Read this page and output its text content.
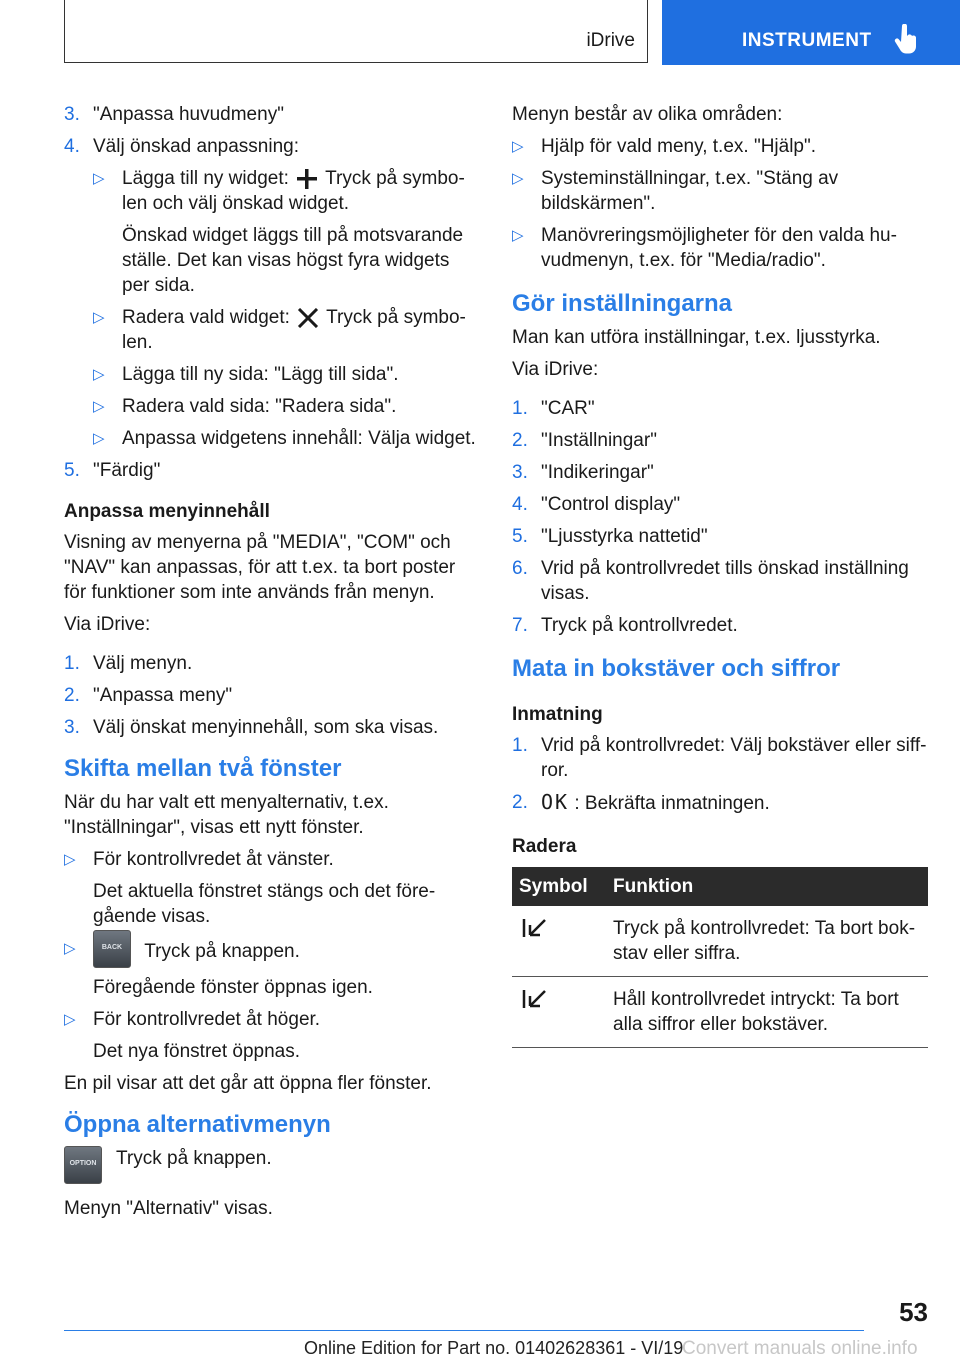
iDrive	INSTRUMENT
3. "Anpassa huvudmeny"
4. Välj önskad anpassning:
▷ Lägga till ny widget: Tryck på symbolen och välj önskad widget.
Önskad widget läggs till på motsvarande ställe. Det kan visas högst fyra widgets per sida.
▷ Radera vald widget: Tryck på symbolen.
▷ Lägga till ny sida: "Lägg till sida".
▷ Radera vald sida: "Radera sida".
▷ Anpassa widgetens innehåll: Välja widget.
5. "Färdig"
Anpassa menyinnehåll

Visning av menyerna på "MEDIA", "COM" och "NAV" kan anpassas, för att t.ex. ta bort poster för funktioner som inte används från menyn.

Via iDrive:

1. Välj menyn.
2. "Anpassa meny"
3. Välj önskat menyinnehåll, som ska visas.
Skifta mellan två fönster

När du har valt ett menyalternativ, t.ex. "Inställningar", visas ett nytt fönster.

▷ För kontrollvredet åt vänster.
Det aktuella fönstret stängs och det föregående visas.
▷	BACK Tryck på knappen.
Föregående fönster öppnas igen.
▷ För kontrollvredet åt höger.
Det nya fönstret öppnas.

En pil visar att det går att öppna fler fönster.

Öppna alternativmenyn
OPTION Tryck på knappen.

Menyn "Alternativ" visas.

Menyn består av olika områden:

▷ Hjälp för vald meny, t.ex. "Hjälp".
▷ Systeminställningar, t.ex. "Stäng av bildskärmen".
▷ Manövreringsmöjligheter för den valda huvudmenyn, t.ex. för "Media/radio".
Gör inställningarna

Man kan utföra inställningar, t.ex. ljusstyrka.

Via iDrive:

1. "CAR"
2. "Inställningar"
3. "Indikeringar"
4. "Control display"
5. "Ljusstyrka nattetid"
6. Vrid på kontrollvredet tills önskad inställning visas.
7. Tryck på kontrollvredet.
Mata in bokstäver och siffror
Inmatning
1. Vrid på kontrollvredet: Välj bokstäver eller siffror.
2. OK : Bekräfta inmatningen.
Radera
Symbol	Funktion
	Tryck på kontrollvredet: Ta bort bokstav eller siffra.
	Håll kontrollvredet intryckt: Ta bort alla siffror eller bokstäver.
53
Online Edition for Part no. 01402628361 - VI/19
Convert manuals online.info
